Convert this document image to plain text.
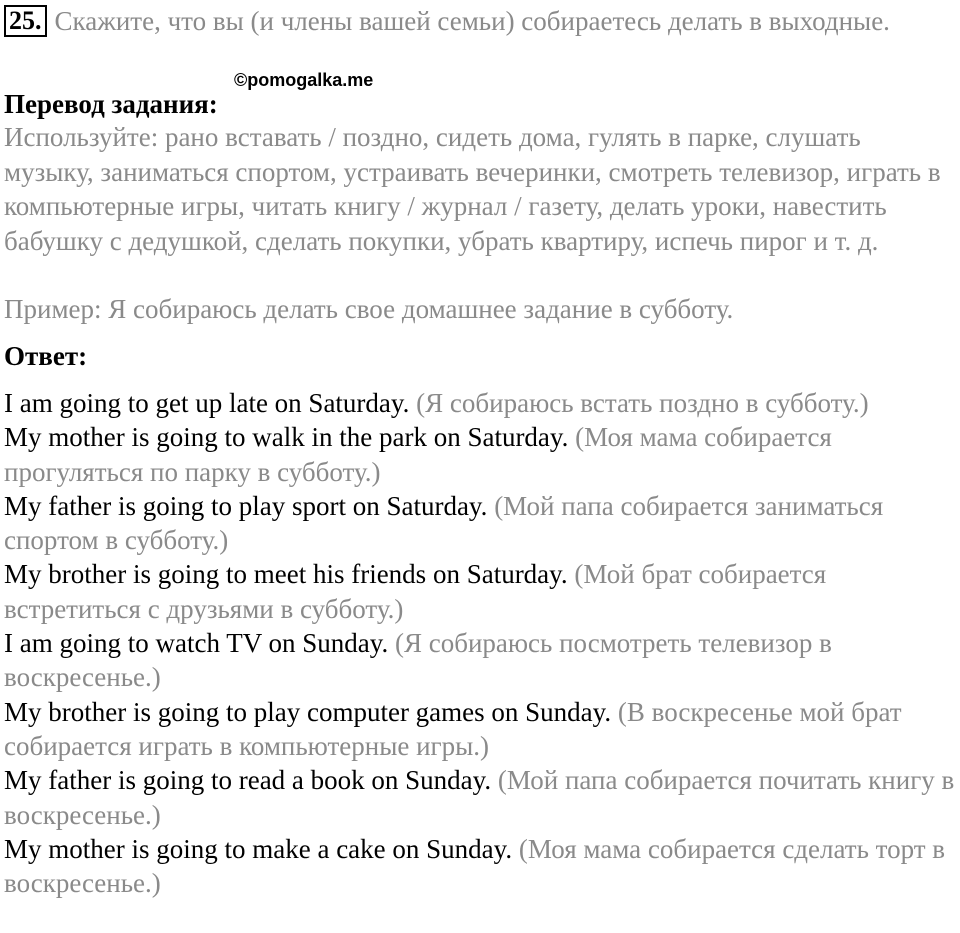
25. Скажите, что вы (и члены вашей семьи) собираетесь делать в выходные.
©pomogalka.me
Перевод задания:
Используйте: рано вставать / поздно, сидеть дома, гулять в парке, слушать музыку, заниматься спортом, устраивать вечеринки, смотреть телевизор, играть в компьютерные игры, читать книгу / журнал / газету, делать уроки, навестить бабушку с дедушкой, сделать покупки, убрать квартиру, испечь пирог и т. д.
Пример: Я собираюсь делать свое домашнее задание в субботу.
Ответ:
I am going to get up late on Saturday. (Я собираюсь встать поздно в субботу.)
My mother is going to walk in the park on Saturday. (Моя мама собирается прогуляться по парку в субботу.)
My father is going to play sport on Saturday. (Мой папа собирается заниматься спортом в субботу.)
My brother is going to meet his friends on Saturday. (Мой брат собирается встретиться с друзьями в субботу.)
I am going to watch TV on Sunday. (Я собираюсь посмотреть телевизор в воскресенье.)
My brother is going to play computer games on Sunday. (В воскресенье мой брат собирается играть в компьютерные игры.)
My father is going to read a book on Sunday. (Мой папа собирается почитать книгу в воскресенье.)
My mother is going to make a cake on Sunday. (Моя мама собирается сделать торт в воскресенье.)
